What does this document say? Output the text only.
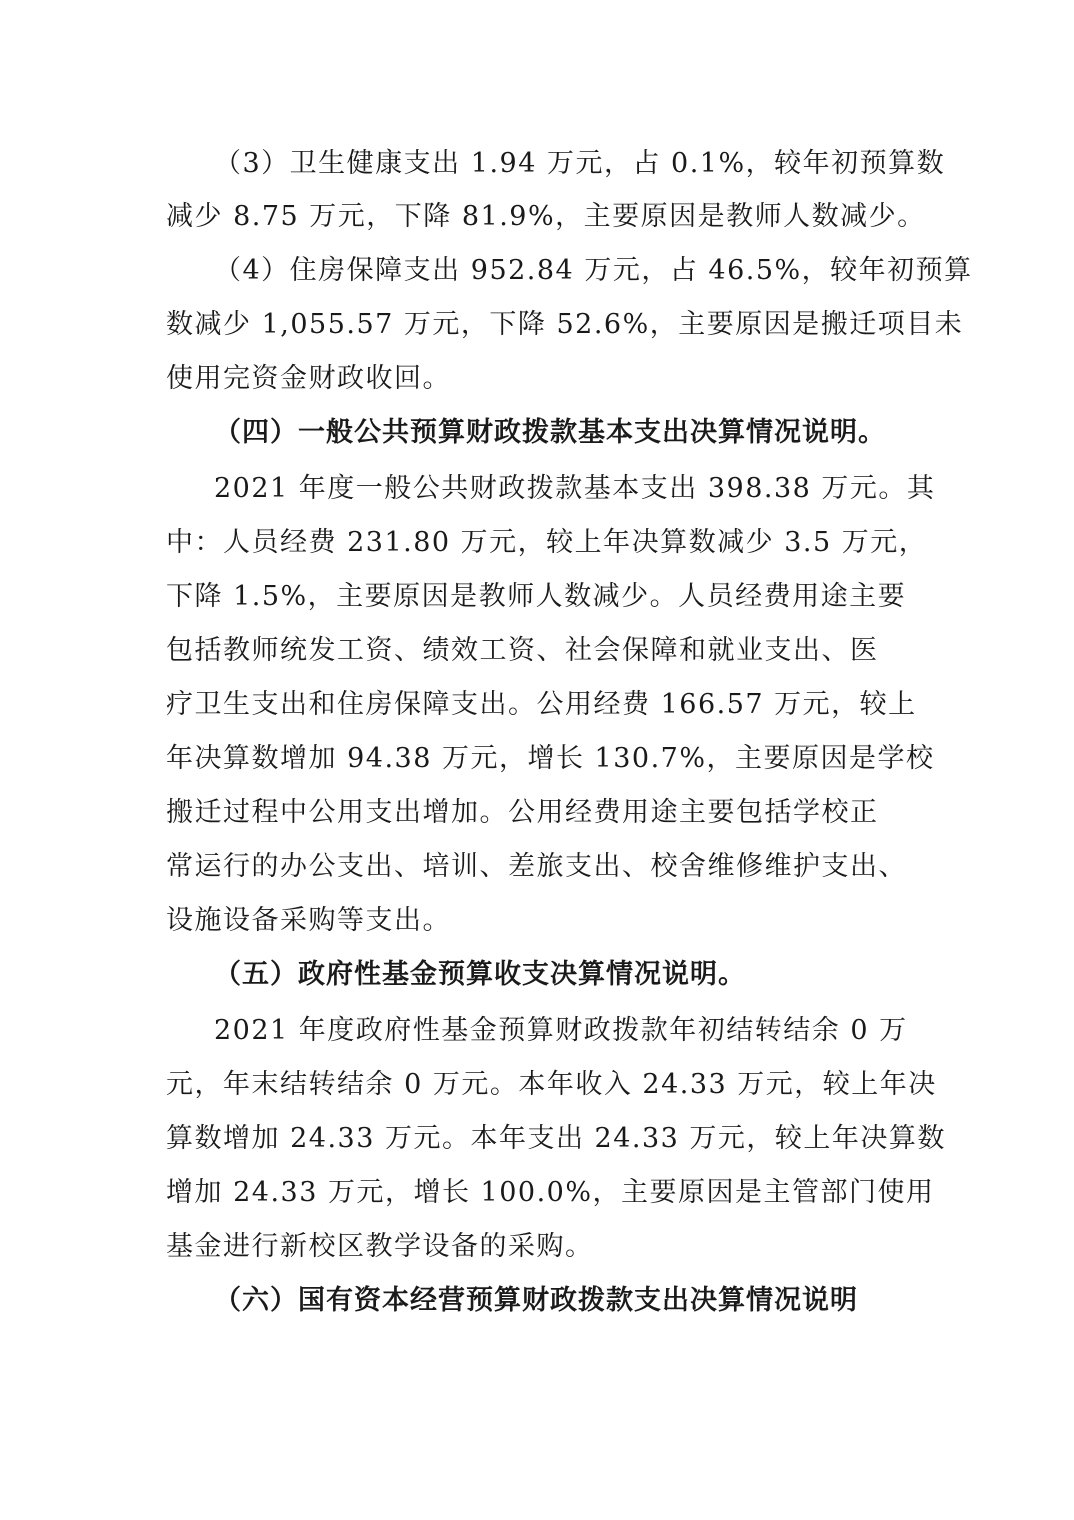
（3）卫生健康支出 1.94 万元，占 0.1%，较年初预算数
减少 8.75 万元，下降 81.9%，主要原因是教师人数减少。
（4）住房保障支出 952.84 万元，占 46.5%，较年初预算
数减少 1,055.57 万元，下降 52.6%，主要原因是搬迁项目未
使用完资金财政收回。
（四）一般公共预算财政拨款基本支出决算情况说明。
2021 年度一般公共财政拨款基本支出 398.38 万元。其
中：人员经费 231.80 万元，较上年决算数减少 3.5 万元，
下降 1.5%，主要原因是教师人数减少。人员经费用途主要
包括教师统发工资、绩效工资、社会保障和就业支出、医
疗卫生支出和住房保障支出。公用经费 166.57 万元，较上
年决算数增加 94.38 万元，增长 130.7%，主要原因是学校
搬迁过程中公用支出增加。公用经费用途主要包括学校正
常运行的办公支出、培训、差旅支出、校舍维修维护支出、
设施设备采购等支出。
（五）政府性基金预算收支决算情况说明。
2021 年度政府性基金预算财政拨款年初结转结余 0 万
元，年末结转结余 0 万元。本年收入 24.33 万元，较上年决
算数增加 24.33 万元。本年支出 24.33 万元，较上年决算数
增加 24.33 万元，增长 100.0%，主要原因是主管部门使用
基金进行新校区教学设备的采购。
（六）国有资本经营预算财政拨款支出决算情况说明
